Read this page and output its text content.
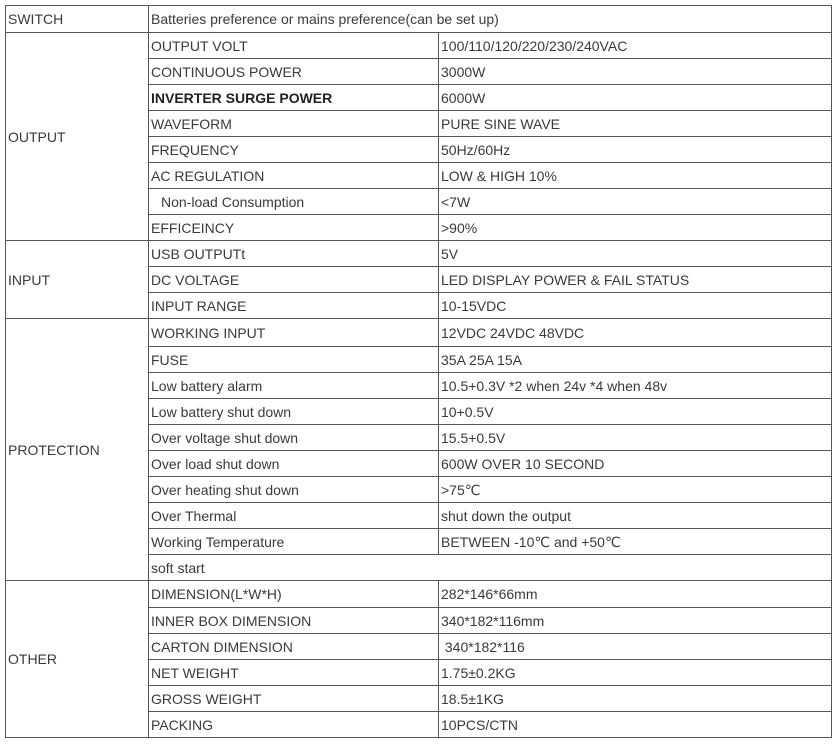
SWITCH	Batteries preference or mains preference(can be set up)	
OUTPUT	OUTPUT VOLT	100/110/120/220/230/240VAC
	CONTINUOUS POWER	3000W
	INVERTER SURGE POWER	6000W
	WAVEFORM	PURE SINE WAVE
	FREQUENCY	50Hz/60Hz
	AC REGULATION	LOW & HIGH 10%
	Non-load Consumption	<7W
	EFFICEINCY	>90%
INPUT	USB OUTPUTt	5V
	DC VOLTAGE	LED DISPLAY POWER & FAIL STATUS
	INPUT RANGE	10-15VDC
PROTECTION	WORKING INPUT	12VDC 24VDC 48VDC
	FUSE	35A 25A 15A
	Low battery alarm	10.5+0.3V *2 when 24v *4 when 48v
	Low battery shut down	10+0.5V
	Over voltage shut down	15.5+0.5V
	Over load shut down	600W OVER 10 SECOND
	Over heating shut down	>75℃
	Over Thermal	shut down the output
	Working Temperature	BETWEEN -10℃ and +50℃
	soft start	
OTHER	DIMENSION(L*W*H)	282*146*66mm
	INNER BOX DIMENSION	340*182*116mm
	CARTON DIMENSION	340*182*116
	NET WEIGHT	1.75±0.2KG
	GROSS WEIGHT	18.5±1KG
	PACKING	10PCS/CTN
